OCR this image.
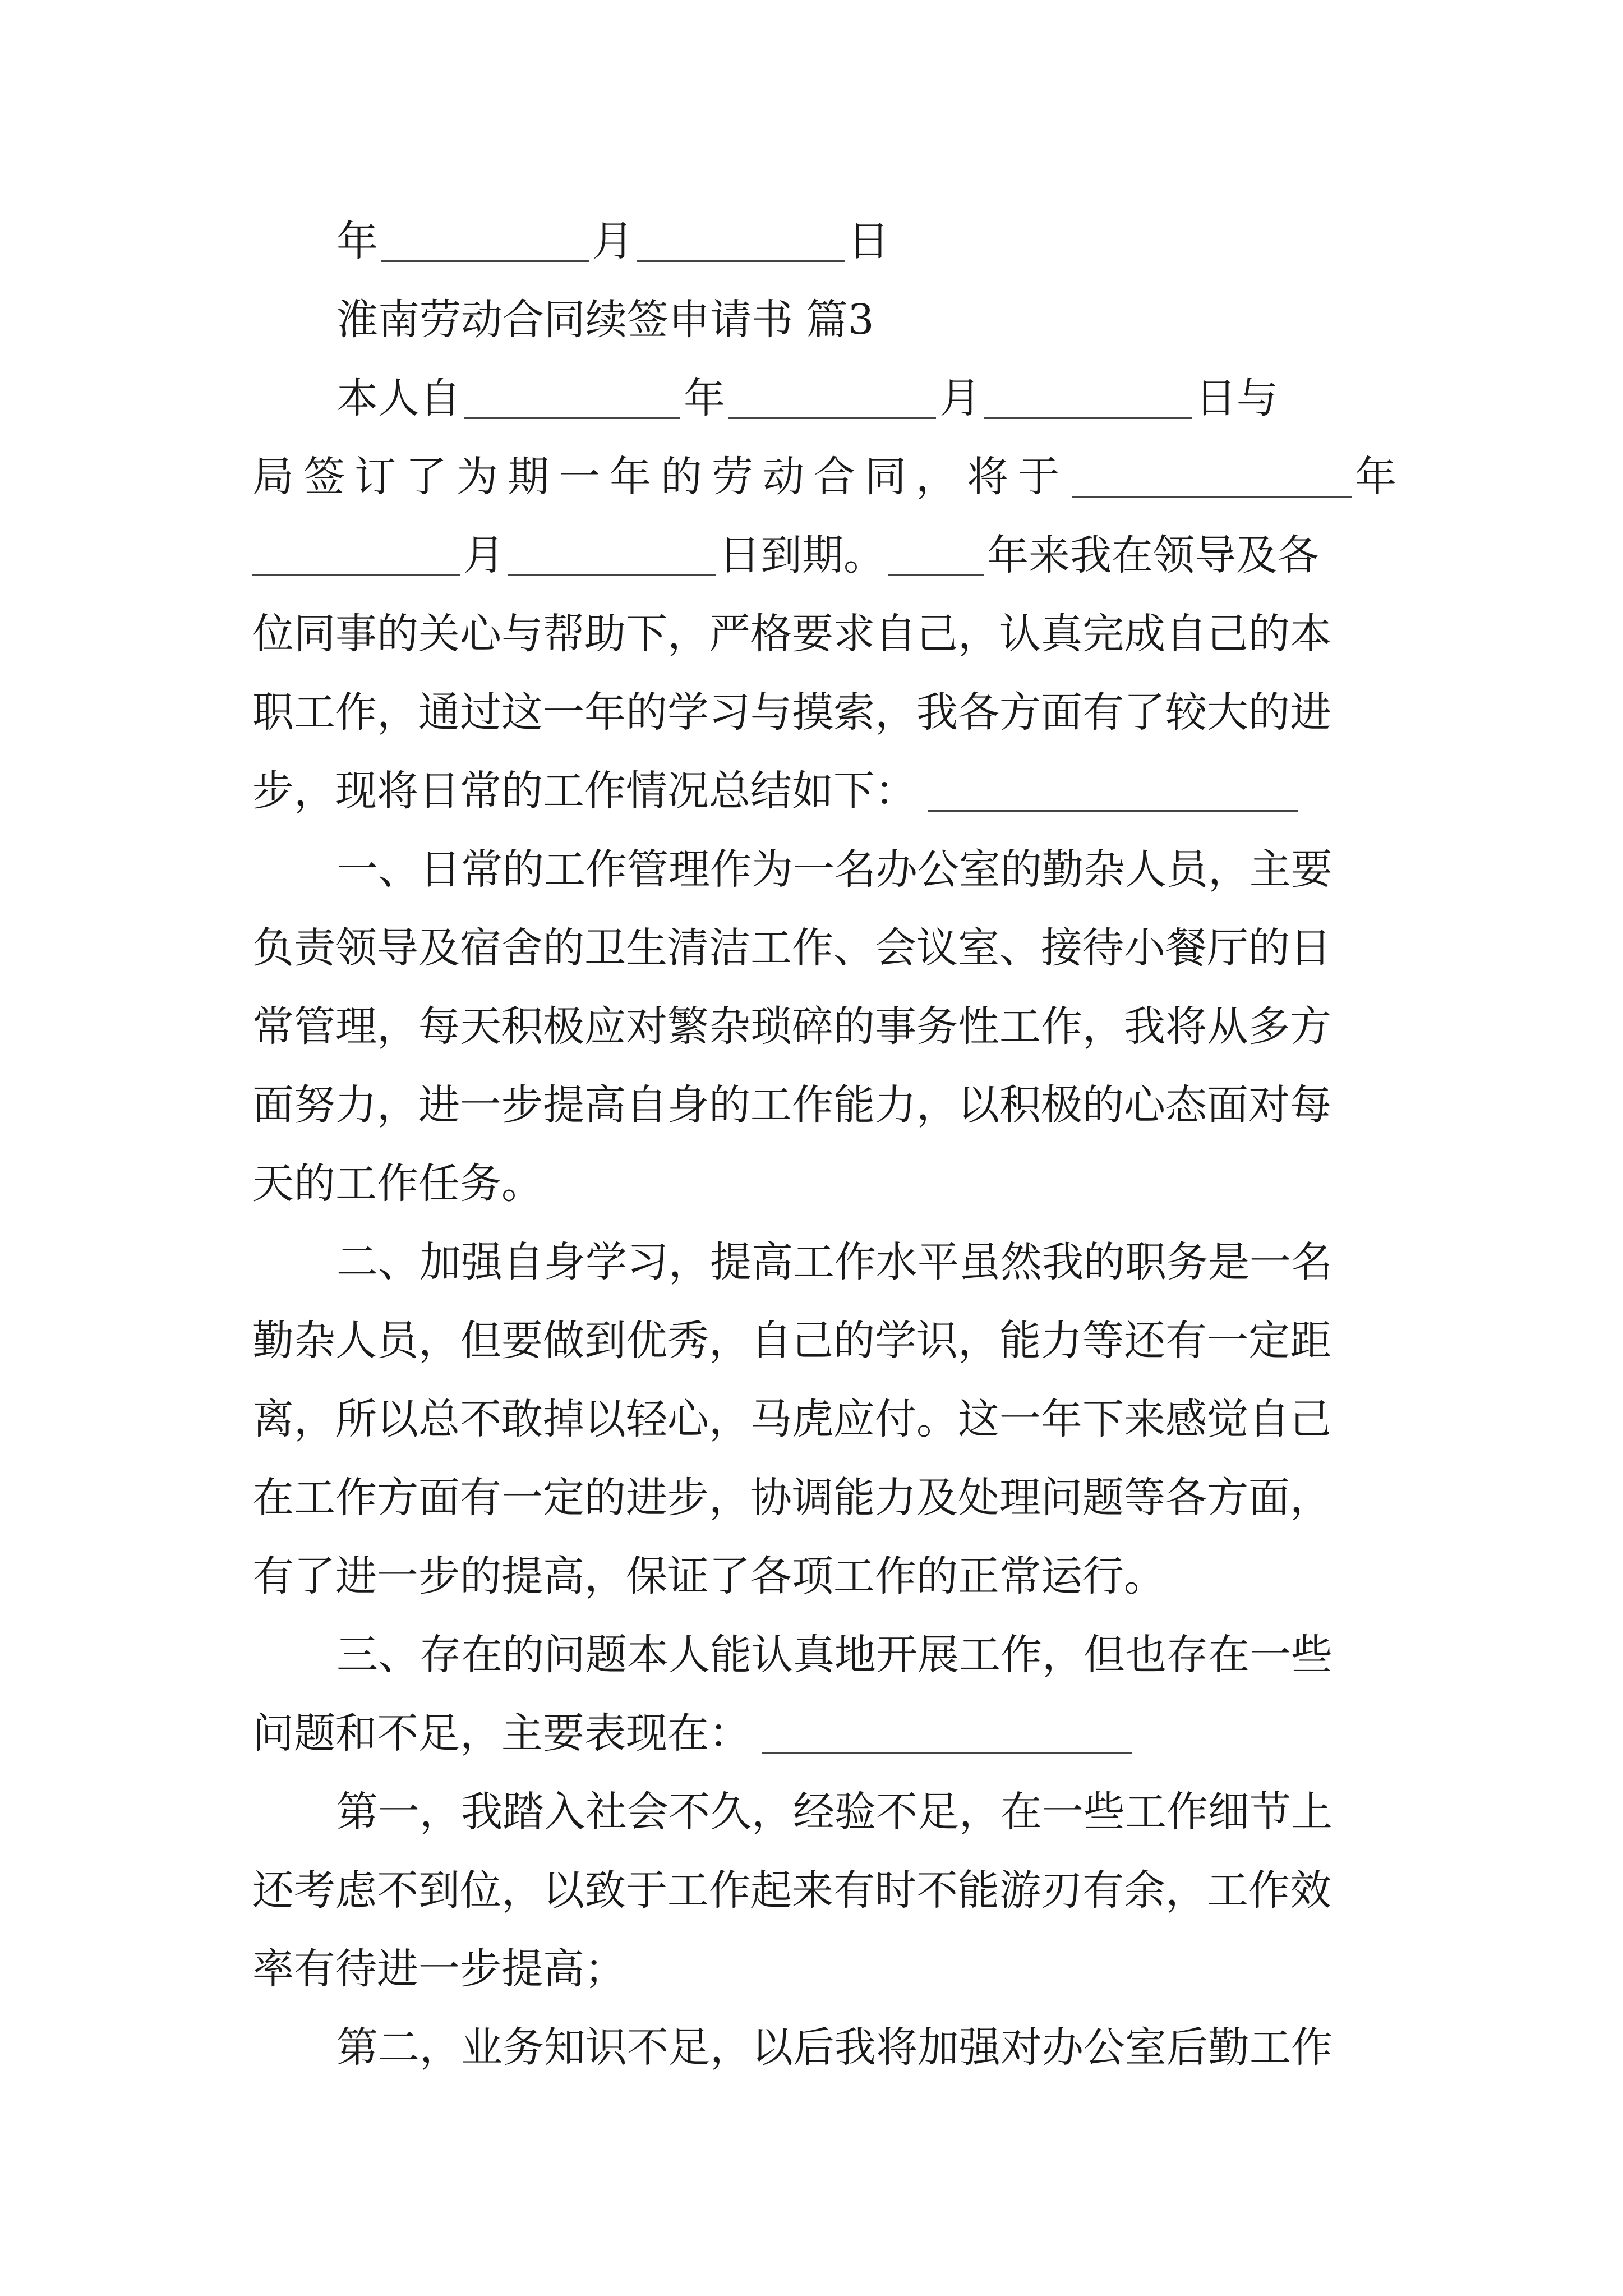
年	月	日
淮南劳动合同续签申请书 篇3
本人自	年	月	日与
局签订了为期一年的劳动合同，将于	年
月	日到期。 年来我在领导及各
位同事的关心与帮助下，严格要求自己，认真完成自己的本
职工作，通过这一年的学习与摸索，我各方面有了较大的进
步，现将日常的工作情况总结如下：
一、日常的工作管理作为一名办公室的勤杂人员，主要
负责领导及宿舍的卫生清洁工作、会议室、接待小餐厅的日
常管理，每天积极应对繁杂琐碎的事务性工作，我将从多方
面努力，进一步提高自身的工作能力，以积极的心态面对每
天的工作任务。
二、加强自身学习，提高工作水平虽然我的职务是一名
勤杂人员，但要做到优秀，自己的学识，能力等还有一定距
离，所以总不敢掉以轻心，马虎应付。这一年下来感觉自己
在工作方面有一定的进步，协调能力及处理问题等各方面，
有了进一步的提高，保证了各项工作的正常运行。
三、存在的问题本人能认真地开展工作，但也存在一些
问题和不足，主要表现在：
第一，我踏入社会不久，经验不足，在一些工作细节上
还考虑不到位，以致于工作起来有时不能游刃有余，工作效
率有待进一步提高；
第二，业务知识不足，以后我将加强对办公室后勤工作
